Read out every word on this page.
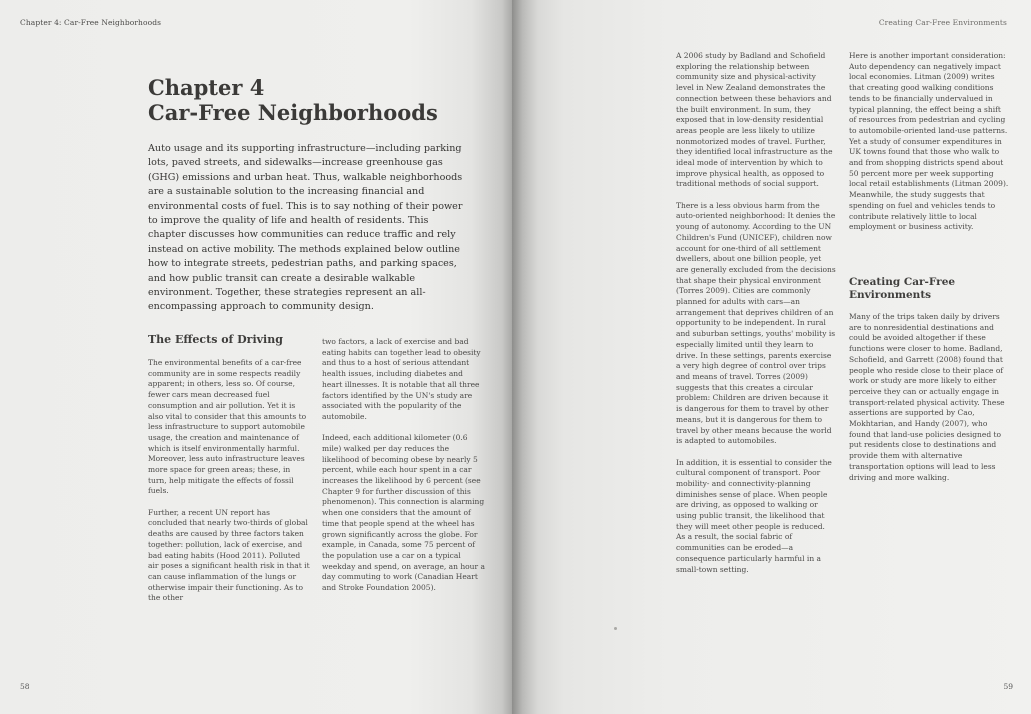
Chapter 4: Car-Free Neighborhoods
Chapter 4
Car-Free Neighborhoods

Auto usage and its supporting infrastructure—including parking lots, paved streets, and sidewalks—increase greenhouse gas (GHG) emissions and urban heat. Thus, walkable neighborhoods are a sustainable solution to the increasing financial and environmental costs of fuel. This is to say nothing of their power to improve the quality of life and health of residents. This chapter discusses how communities can reduce traffic and rely instead on active mobility. The methods explained below outline how to integrate streets, pedestrian paths, and parking spaces, and how public transit can create a desirable walkable environment. Together, these strategies represent an all-encompassing approach to community design.

The Effects of Driving

The environmental benefits of a car-free community are in some respects readily apparent; in others, less so. Of course, fewer cars mean decreased fuel consumption and air pollution. Yet it is also vital to consider that this amounts to less infrastructure to support automobile usage, the creation and maintenance of which is itself environmentally harmful. Moreover, less auto infrastructure leaves more space for green areas; these, in turn, help mitigate the effects of fossil fuels.

Further, a recent UN report has concluded that nearly two-thirds of global deaths are caused by three factors taken together: pollution, lack of exercise, and bad eating habits (Hood 2011). Polluted air poses a significant health risk in that it can cause inflammation of the lungs or otherwise impair their functioning. As to the other

two factors, a lack of exercise and bad eating habits can together lead to obesity and thus to a host of serious attendant health issues, including diabetes and heart illnesses. It is notable that all three factors identified by the UN's study are associated with the popularity of the automobile.

Indeed, each additional kilometer (0.6 mile) walked per day reduces the likelihood of becoming obese by nearly 5 percent, while each hour spent in a car increases the likelihood by 6 percent (see Chapter 9 for further discussion of this phenomenon). This connection is alarming when one considers that the amount of time that people spend at the wheel has grown significantly across the globe. For example, in Canada, some 75 percent of the population use a car on a typical weekday and spend, on average, an hour a day commuting to work (Canadian Heart and Stroke Foundation 2005).

58
Creating Car-Free Environments
59

A 2006 study by Badland and Schofield exploring the relationship between community size and physical-activity level in New Zealand demonstrates the connection between these behaviors and the built environment. In sum, they exposed that in low-density residential areas people are less likely to utilize nonmotorized modes of travel. Further, they identified local infrastructure as the ideal mode of intervention by which to improve physical health, as opposed to traditional methods of social support.

There is a less obvious harm from the auto-oriented neighborhood: It denies the young of autonomy. According to the UN Children's Fund (UNICEF), children now account for one-third of all settlement dwellers, about one billion people, yet are generally excluded from the decisions that shape their physical environment (Torres 2009). Cities are commonly planned for adults with cars—an arrangement that deprives children of an opportunity to be independent. In rural and suburban settings, youths' mobility is especially limited until they learn to drive. In these settings, parents exercise a very high degree of control over trips and means of travel. Torres (2009) suggests that this creates a circular problem: Children are driven because it is dangerous for them to travel by other means, but it is dangerous for them to travel by other means because the world is adapted to automobiles.

In addition, it is essential to consider the cultural component of transport. Poor mobility- and connectivity-planning diminishes sense of place. When people are driving, as opposed to walking or using public transit, the likelihood that they will meet other people is reduced. As a result, the social fabric of communities can be eroded—a consequence particularly harmful in a small-town setting.

Here is another important consideration: Auto dependency can negatively impact local economies. Litman (2009) writes that creating good walking conditions tends to be financially undervalued in typical planning, the effect being a shift of resources from pedestrian and cycling to automobile-oriented land-use patterns. Yet a study of consumer expenditures in UK towns found that those who walk to and from shopping districts spend about 50 percent more per week supporting local retail establishments (Litman 2009). Meanwhile, the study suggests that spending on fuel and vehicles tends to contribute relatively little to local employment or business activity.

Creating Car-Free Environments

Many of the trips taken daily by drivers are to nonresidential destinations and could be avoided altogether if these functions were closer to home. Badland, Schofield, and Garrett (2008) found that people who reside close to their place of work or study are more likely to either perceive they can or actually engage in transport-related physical activity. These assertions are supported by Cao, Mokhtarian, and Handy (2007), who found that land-use policies designed to put residents close to destinations and provide them with alternative transportation options will lead to less driving and more walking.
